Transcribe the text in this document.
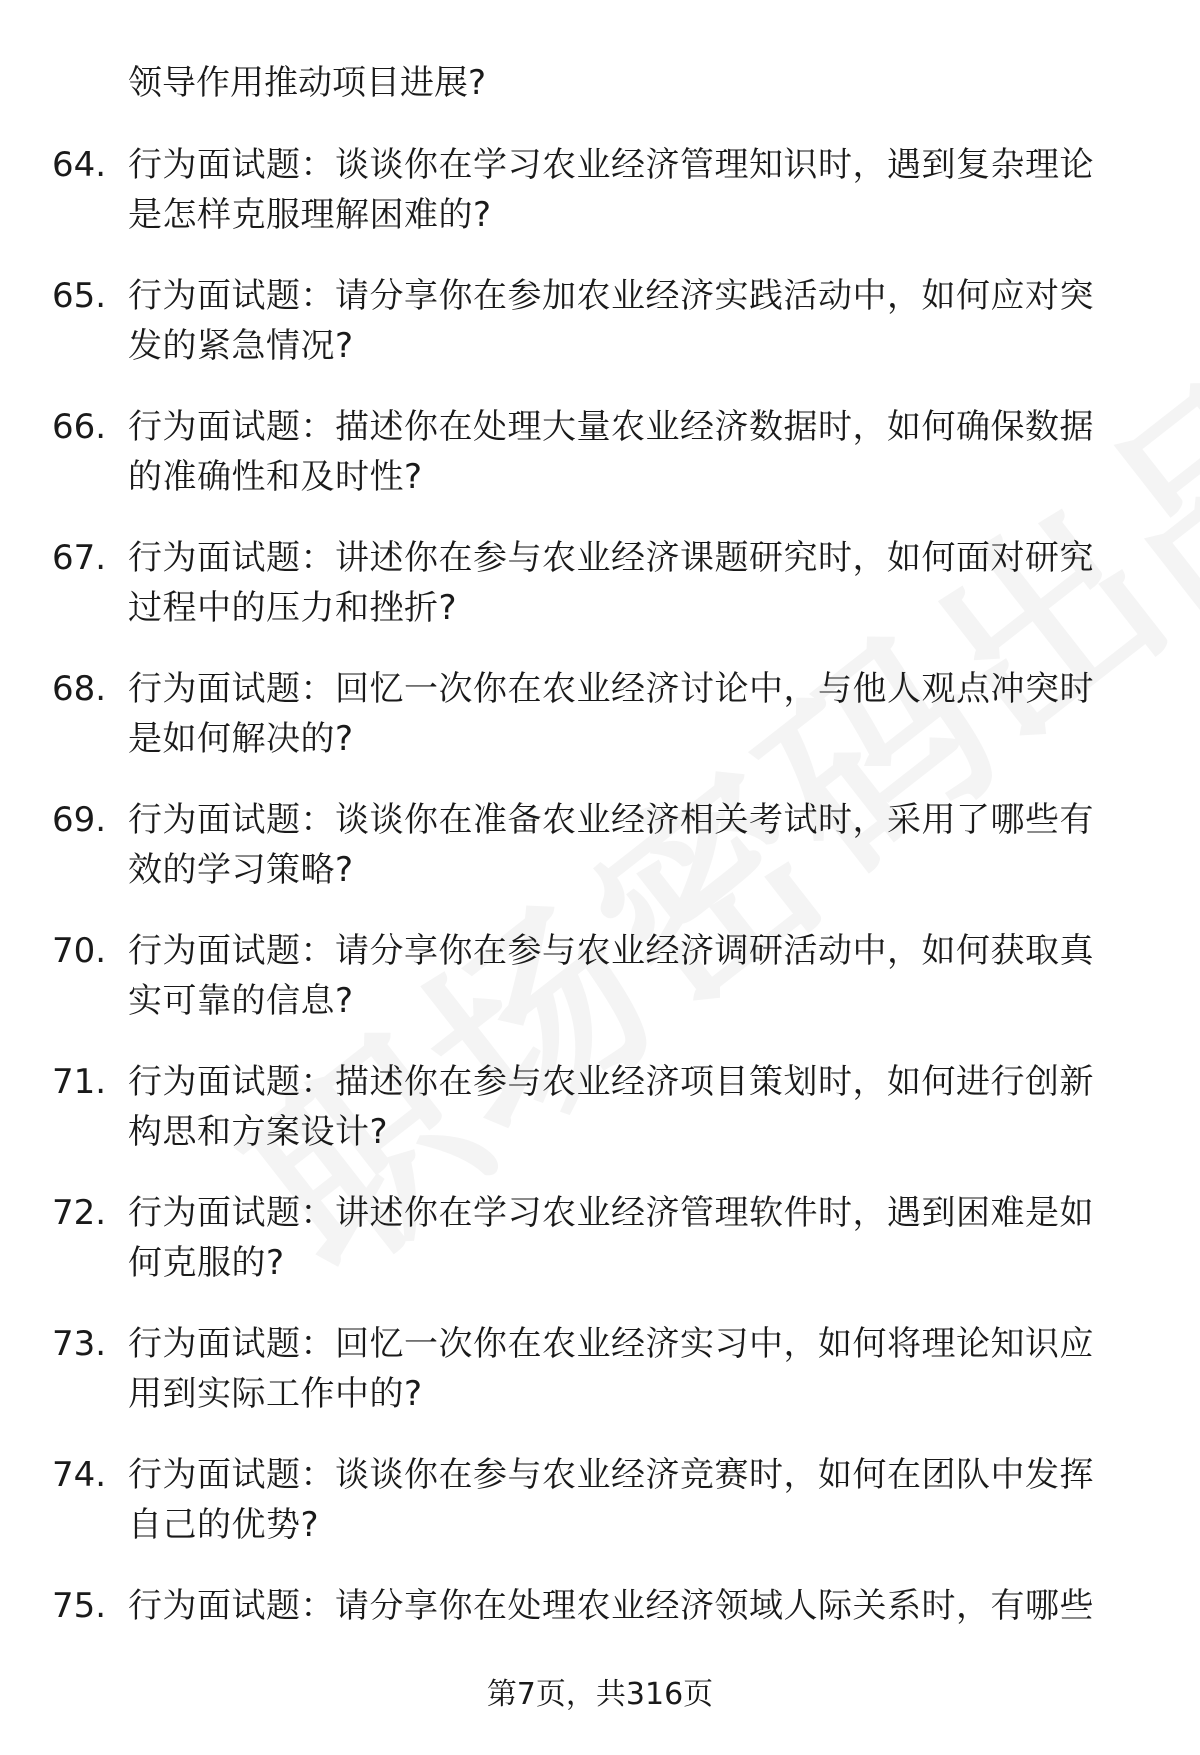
领导作用推动项目进展?
64. 行为面试题：谈谈你在学习农业经济管理知识时，遇到复杂理论
是怎样克服理解困难的?
65. 行为面试题：请分享你在参加农业经济实践活动中，如何应对突
发的紧急情况?
66. 行为面试题：描述你在处理大量农业经济数据时，如何确保数据
的准确性和及时性?
67. 行为面试题：讲述你在参与农业经济课题研究时，如何面对研究
过程中的压力和挫折?
68. 行为面试题：回忆一次你在农业经济讨论中，与他人观点冲突时
是如何解决的?
69. 行为面试题：谈谈你在准备农业经济相关考试时，采用了哪些有
效的学习策略?
70. 行为面试题：请分享你在参与农业经济调研活动中，如何获取真
实可靠的信息?
71. 行为面试题：描述你在参与农业经济项目策划时，如何进行创新
构思和方案设计?
72. 行为面试题：讲述你在学习农业经济管理软件时，遇到困难是如
何克服的?
73. 行为面试题：回忆一次你在农业经济实习中，如何将理论知识应
用到实际工作中的?
74. 行为面试题：谈谈你在参与农业经济竞赛时，如何在团队中发挥
自己的优势?
75. 行为面试题：请分享你在处理农业经济领域人际关系时，有哪些
第7页，共316页
